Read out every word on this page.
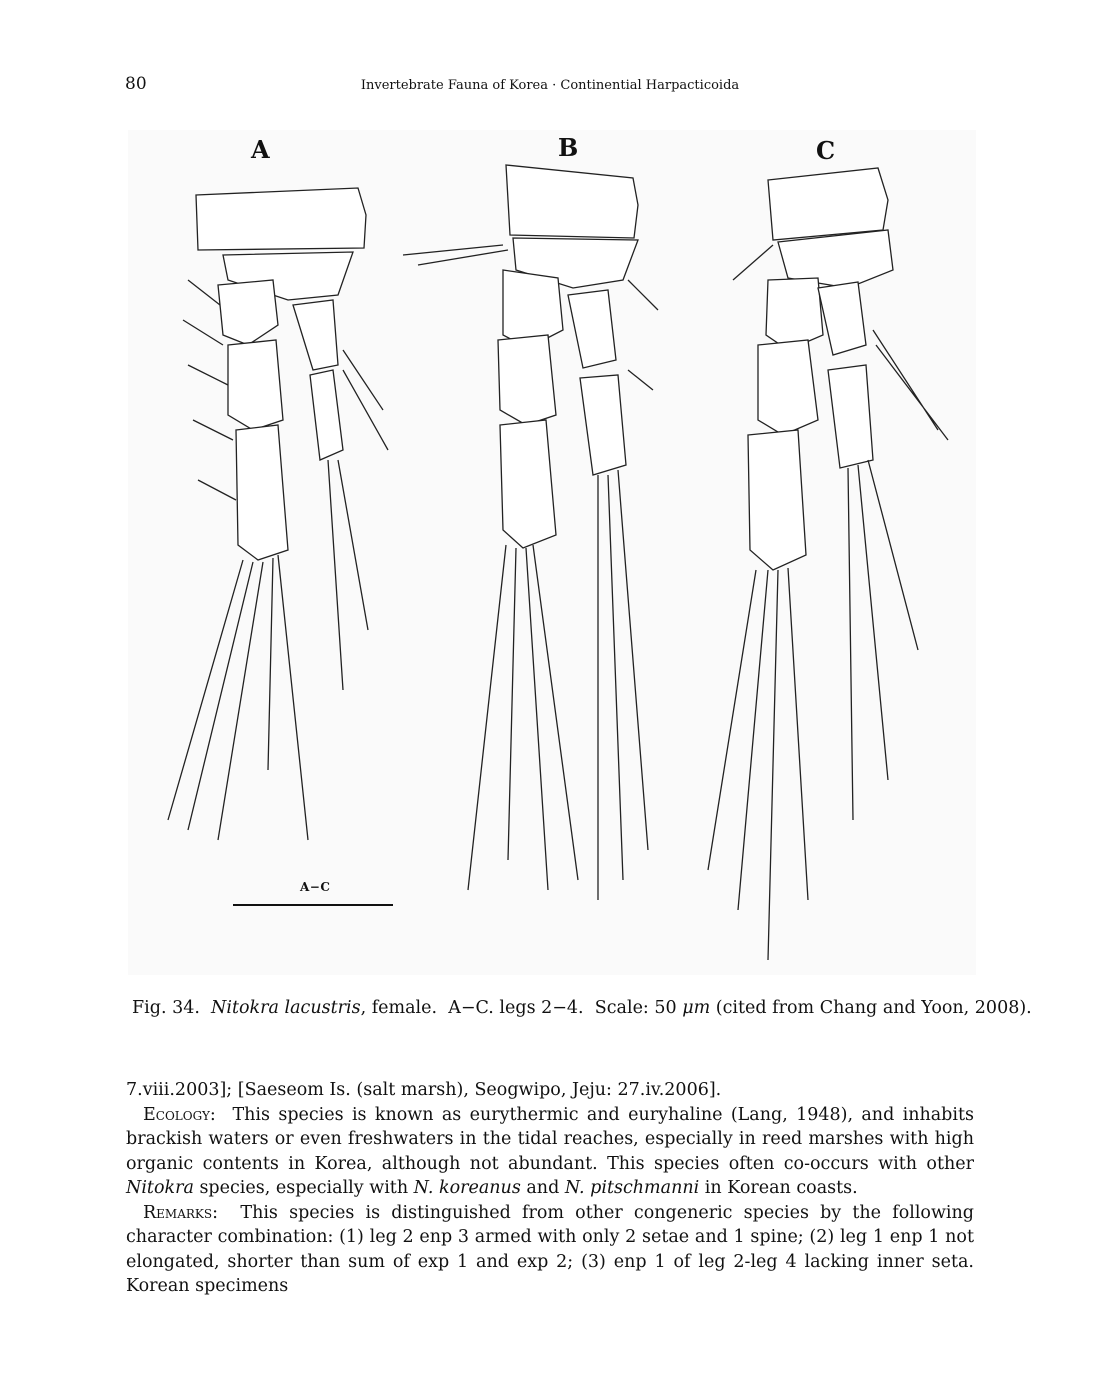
80	Invertebrate Fauna of Korea · Continential Harpacticoida
A	B	C
A−C
Fig. 34. Nitokra lacustris, female. A−C. legs 2−4. Scale: 50 μm (cited from Chang and Yoon, 2008).

7.viii.2003]; [Saeseom Is. (salt marsh), Seogwipo, Jeju: 27.iv.2006].

Ecology:  This species is known as eurythermic and euryhaline (Lang, 1948), and inhabits brackish waters or even freshwaters in the tidal reaches, especially in reed marshes with high organic contents in Korea, although not abundant. This species often co-occurs with other Nitokra species, especially with N. koreanus and N. pitschmanni in Korean coasts.

Remarks:  This species is distinguished from other congeneric species by the following character combination: (1) leg 2 enp 3 armed with only 2 setae and 1 spine; (2) leg 1 enp 1 not elongated, shorter than sum of exp 1 and exp 2; (3) enp 1 of leg 2-leg 4 lacking inner seta. Korean specimens
